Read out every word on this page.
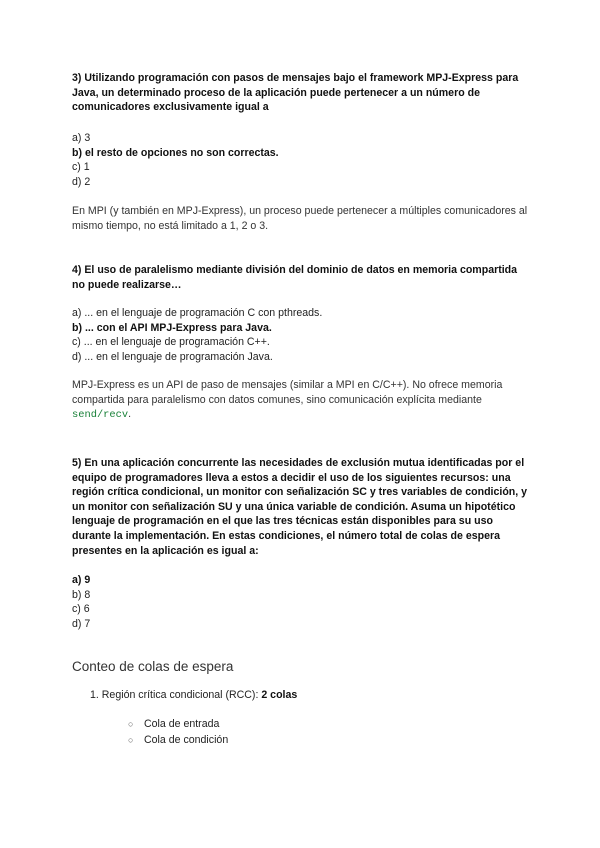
3) Utilizando programación con pasos de mensajes bajo el framework MPJ-Express para Java, un determinado proceso de la aplicación puede pertenecer a un número de comunicadores exclusivamente igual a

a) 3

b) el resto de opciones no son correctas.

c) 1

d) 2

En MPI (y también en MPJ-Express), un proceso puede pertenecer a múltiples comunicadores al mismo tiempo, no está limitado a 1, 2 o 3.

4) El uso de paralelismo mediante división del dominio de datos en memoria compartida no puede realizarse…

a) ... en el lenguaje de programación C con pthreads.

b) ... con el API MPJ-Express para Java.

c) ... en el lenguaje de programación C++.

d) ... en el lenguaje de programación Java.

MPJ-Express es un API de paso de mensajes (similar a MPI en C/C++). No ofrece memoria compartida para paralelismo con datos comunes, sino comunicación explícita mediante send/recv.

5) En una aplicación concurrente las necesidades de exclusión mutua identificadas por el equipo de programadores lleva a estos a decidir el uso de los siguientes recursos: una región crítica condicional, un monitor con señalización SC y tres variables de condición, y un monitor con señalización SU y una única variable de condición. Asuma un hipotético lenguaje de programación en el que las tres técnicas están disponibles para su uso durante la implementación. En estas condiciones, el número total de colas de espera presentes en la aplicación es igual a:

a) 9

b) 8

c) 6

d) 7

Conteo de colas de espera
1. Región crítica condicional (RCC): 2 colas
○ Cola de entrada
○ Cola de condición
